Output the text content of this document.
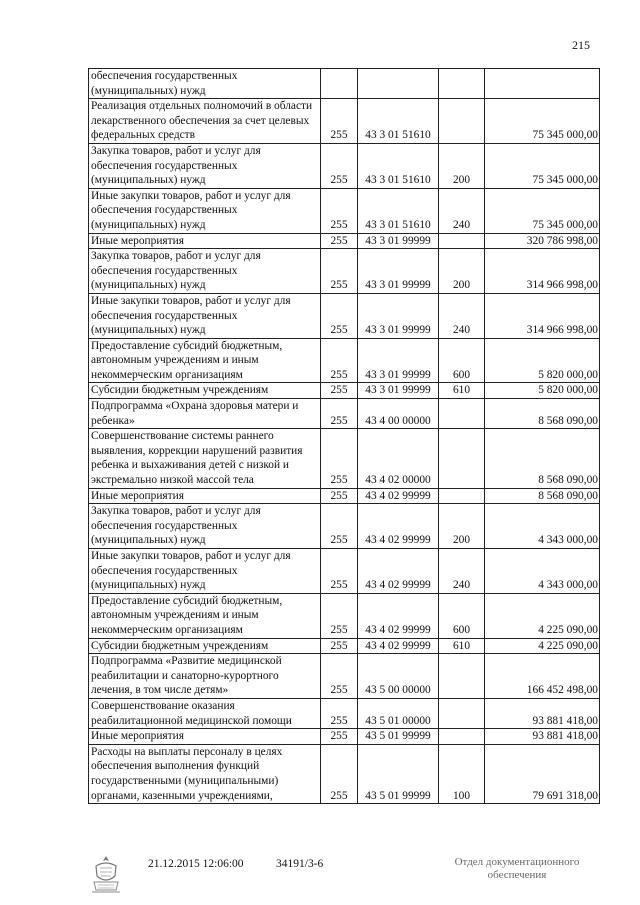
215
обеспечения государственных (муниципальных) нужд				
Реализация отдельных полномочий в области лекарственного обеспечения за счет целевых федеральных средств	255	43 3 01 51610		75 345 000,00
Закупка товаров, работ и услуг для обеспечения государственных (муниципальных) нужд	255	43 3 01 51610	200	75 345 000,00
Иные закупки товаров, работ и услуг для обеспечения государственных (муниципальных) нужд	255	43 3 01 51610	240	75 345 000,00
Иные мероприятия	255	43 3 01 99999		320 786 998,00
Закупка товаров, работ и услуг для обеспечения государственных (муниципальных) нужд	255	43 3 01 99999	200	314 966 998,00
Иные закупки товаров, работ и услуг для обеспечения государственных (муниципальных) нужд	255	43 3 01 99999	240	314 966 998,00
Предоставление субсидий бюджетным, автономным учреждениям и иным некоммерческим организациям	255	43 3 01 99999	600	5 820 000,00
Субсидии бюджетным учреждениям	255	43 3 01 99999	610	5 820 000,00
Подпрограмма «Охрана здоровья матери и ребенка»	255	43 4 00 00000		8 568 090,00
Совершенствование системы раннего выявления, коррекции нарушений развития ребенка и выхаживания детей с низкой и экстремально низкой массой тела	255	43 4 02 00000		8 568 090,00
Иные мероприятия	255	43 4 02 99999		8 568 090,00
Закупка товаров, работ и услуг для обеспечения государственных (муниципальных) нужд	255	43 4 02 99999	200	4 343 000,00
Иные закупки товаров, работ и услуг для обеспечения государственных (муниципальных) нужд	255	43 4 02 99999	240	4 343 000,00
Предоставление субсидий бюджетным, автономным учреждениям и иным некоммерческим организациям	255	43 4 02 99999	600	4 225 090,00
Субсидии бюджетным учреждениям	255	43 4 02 99999	610	4 225 090,00
Подпрограмма «Развитие медицинской реабилитации и санаторно-курортного лечения, в том числе детям»	255	43 5 00 00000		166 452 498,00
Совершенствование оказания реабилитационной медицинской помощи	255	43 5 01 00000		93 881 418,00
Иные мероприятия	255	43 5 01 99999		93 881 418,00
Расходы на выплаты персоналу в целях обеспечения выполнения функций государственными (муниципальными) органами, казенными учреждениями,	255	43 5 01 99999	100	79 691 318,00
21.12.2015 12:06:00	34191/3-6	Отдел документационного обеспечения
